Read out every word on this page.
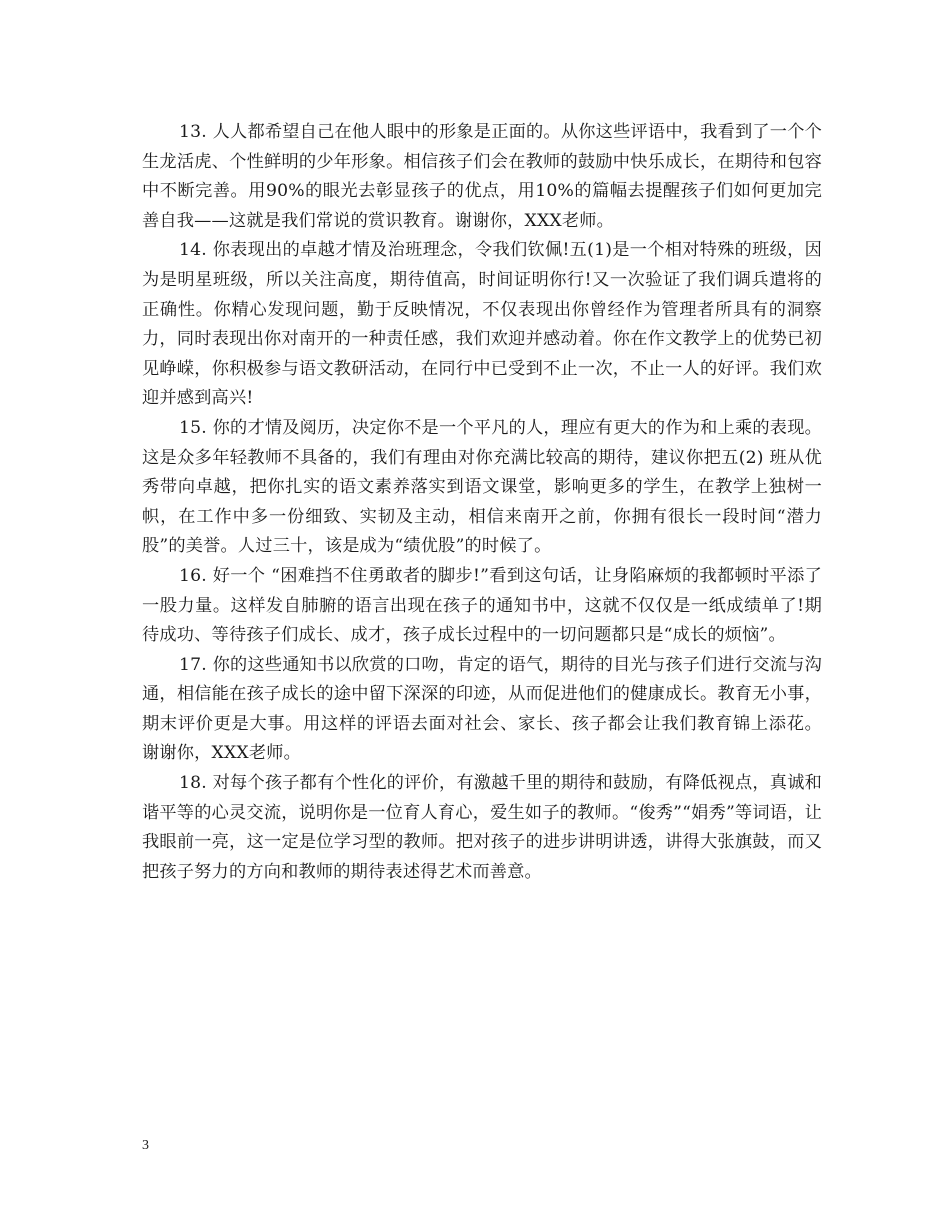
13. 人人都希望自己在他人眼中的形象是正面的。从你这些评语中，我看到了一个个生龙活虎、个性鲜明的少年形象。相信孩子们会在教师的鼓励中快乐成长，在期待和包容中不断完善。用90%的眼光去彰显孩子的优点，用10%的篇幅去提醒孩子们如何更加完善自我——这就是我们常说的赏识教育。谢谢你，XXX老师。

14. 你表现出的卓越才情及治班理念，令我们钦佩!五(1)是一个相对特殊的班级，因为是明星班级，所以关注高度，期待值高，时间证明你行!又一次验证了我们调兵遣将的正确性。你精心发现问题，勤于反映情况，不仅表现出你曾经作为管理者所具有的洞察力，同时表现出你对南开的一种责任感，我们欢迎并感动着。你在作文教学上的优势已初见峥嵘，你积极参与语文教研活动，在同行中已受到不止一次，不止一人的好评。我们欢迎并感到高兴!

15. 你的才情及阅历，决定你不是一个平凡的人，理应有更大的作为和上乘的表现。这是众多年轻教师不具备的，我们有理由对你充满比较高的期待，建议你把五(2) 班从优秀带向卓越，把你扎实的语文素养落实到语文课堂，影响更多的学生，在教学上独树一帜，在工作中多一份细致、实韧及主动，相信来南开之前，你拥有很长一段时间“潜力股”的美誉。人过三十，该是成为“绩优股”的时候了。

16. 好一个 “困难挡不住勇敢者的脚步!”看到这句话，让身陷麻烦的我都顿时平添了一股力量。这样发自肺腑的语言出现在孩子的通知书中，这就不仅仅是一纸成绩单了!期待成功、等待孩子们成长、成才，孩子成长过程中的一切问题都只是“成长的烦恼”。

17. 你的这些通知书以欣赏的口吻，肯定的语气，期待的目光与孩子们进行交流与沟通，相信能在孩子成长的途中留下深深的印迹，从而促进他们的健康成长。教育无小事，期末评价更是大事。用这样的评语去面对社会、家长、孩子都会让我们教育锦上添花。 谢谢你，XXX老师。

18. 对每个孩子都有个性化的评价，有激越千里的期待和鼓励，有降低视点，真诚和谐平等的心灵交流，说明你是一位育人育心，爱生如子的教师。“俊秀”“娟秀”等词语，让我眼前一亮，这一定是位学习型的教师。把对孩子的进步讲明讲透，讲得大张旗鼓，而又把孩子努力的方向和教师的期待表述得艺术而善意。

3
